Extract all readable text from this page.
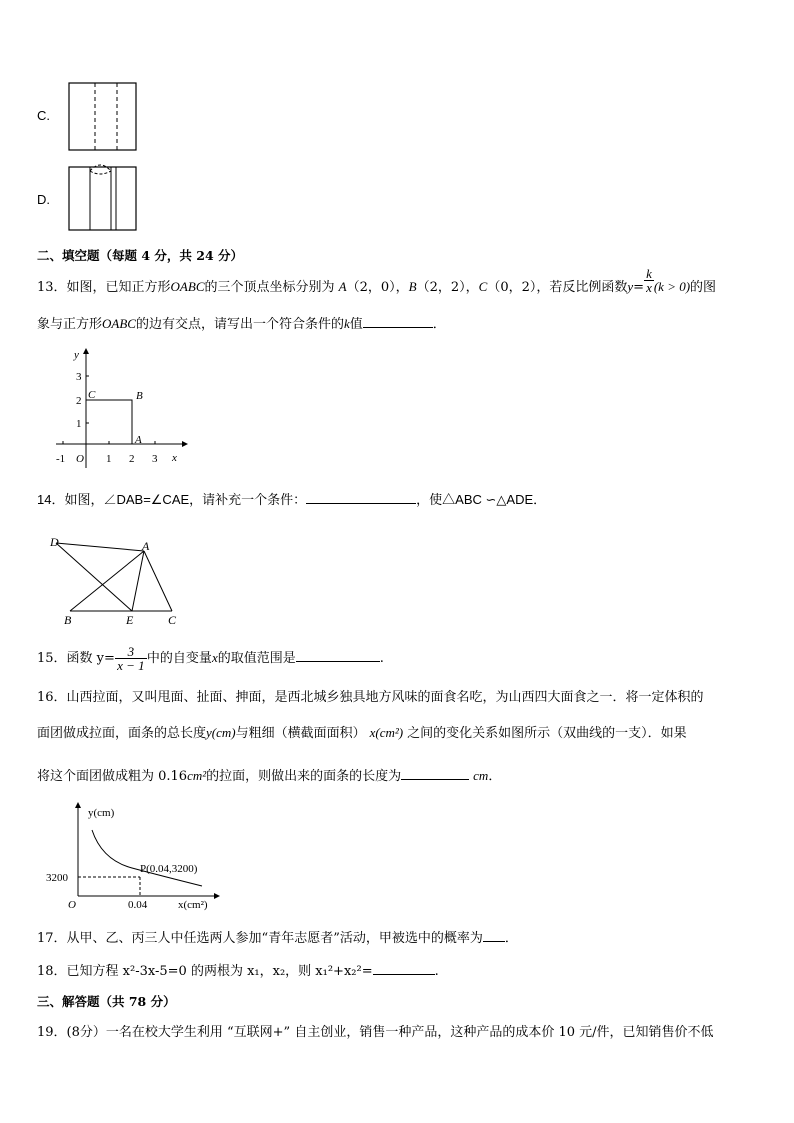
C.
D.
二、填空题（每题 4 分，共 24 分）
13．如图，已知正方形OABC的三个顶点坐标分别为 A（2，0），B（2，2），C（0，2），若反比例函数$y= \frac{k}{x} (k > 0)$的图
象与正方形OABC的边有交点，请写出一个符合条件的k值	．
y
x
O
3
2
1
-1	1 2 3
C	B
A
14．如图，∠DAB=∠CAE，请补充一个条件：	，使△ABC ∽△ADE．
D	A
B	E	C
15．函数 $y= \frac{3}{x - 1}$ 中的自变量x的取值范围是	.
16．山西拉面，又叫甩面、扯面、抻面，是西北城乡独具地方风味的面食名吃，为山西四大面食之一．将一定体积的
面团做成拉面，面条的总长度y(cm)与粗细（横截面面积） x(cm²) 之间的变化关系如图所示（双曲线的一支）．如果
将这个面团做成粗为 0.16cm²的拉面，则做出来的面条的长度为	cm．
y(cm)
x(cm²)
O
P(0.04,3200)
3200
0.04
17．从甲、乙、丙三人中任选两人参加“青年志愿者”活动，甲被选中的概率为 ．
18．已知方程 x²-3x-5=0 的两根为 x₁，x₂，则 x₁²+x₂²=	.
三、解答题（共 78 分）
19．(8分）一名在校大学生利用 “互联网+” 自主创业，销售一种产品，这种产品的成本价 10 元/件，已知销售价不低
